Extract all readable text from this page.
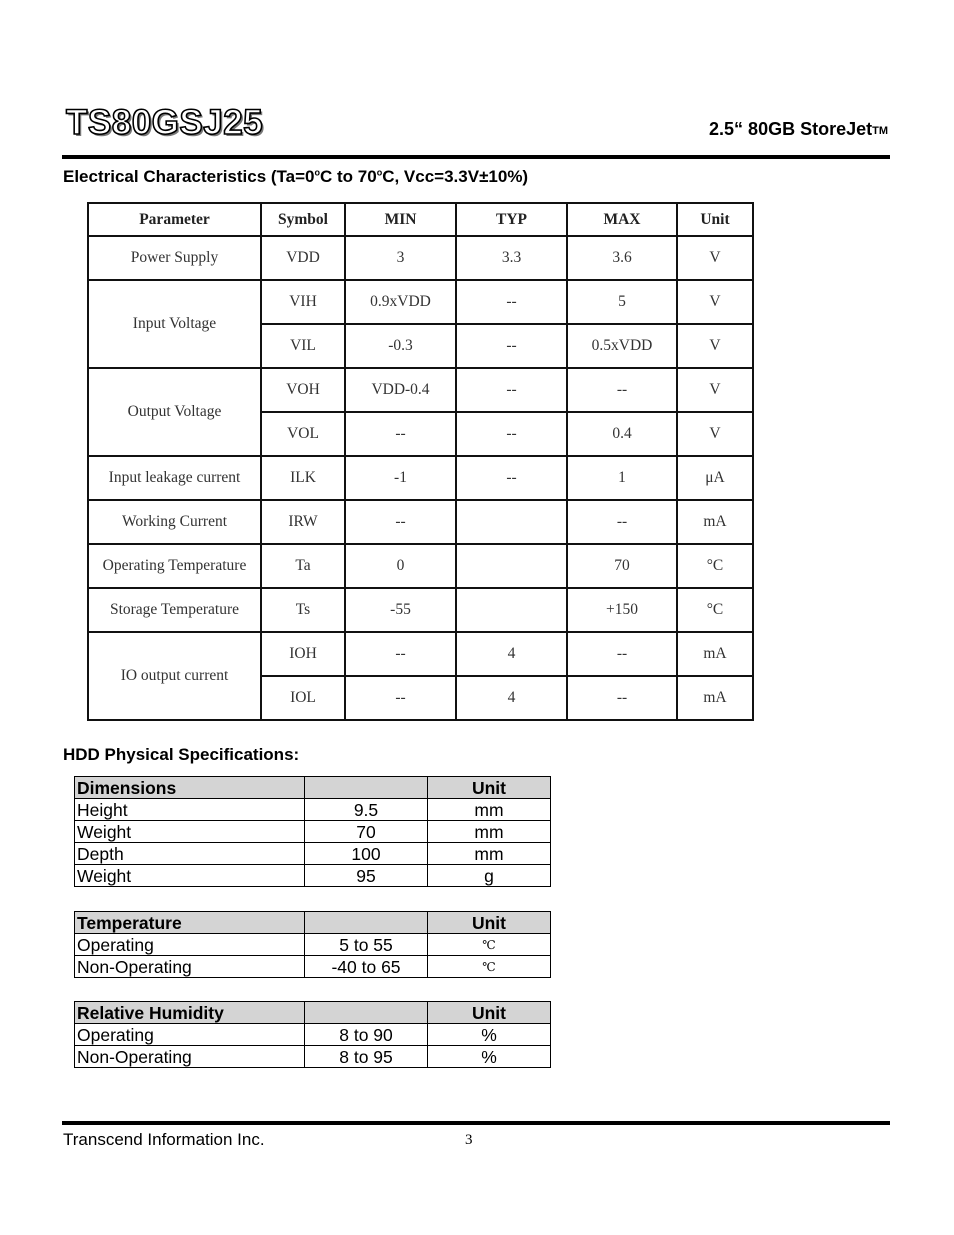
TS80GSJ25	2.5“ 80GB StoreJetTM
Electrical Characteristics ($Ta=0^oC$ to 70$^o$C, Vcc=3.3V±10%)
Parameter	Symbol	MIN	TYP	MAX	Unit
Power Supply	VDD	3	3.3	3.6	V
Input Voltage	VIH	0.9xVDD	--	5	V
	VIL	-0.3	--	0.5xVDD	V
Output Voltage	VOH	VDD-0.4	--	--	V
	VOL	--	--	0.4	V
Input leakage current	ILK	-1	--	1	μA
Working Current	IRW	--		--	mA
Operating Temperature	Ta	0		70	°C
Storage Temperature	Ts	-55		+150	°C
IO output current	IOH	--	4	--	mA
	IOL	--	4	--	mA
HDD Physical Specifications:
Dimensions		Unit
Height	9.5	mm
Weight	70	mm
Depth	100	mm
Weight	95	g
Temperature		Unit
Operating	5 to 55	℃
Non-Operating	-40 to 65	℃
Relative Humidity		Unit
Operating	8 to 90	%
Non-Operating	8 to 95	%
Transcend Information Inc.	3
